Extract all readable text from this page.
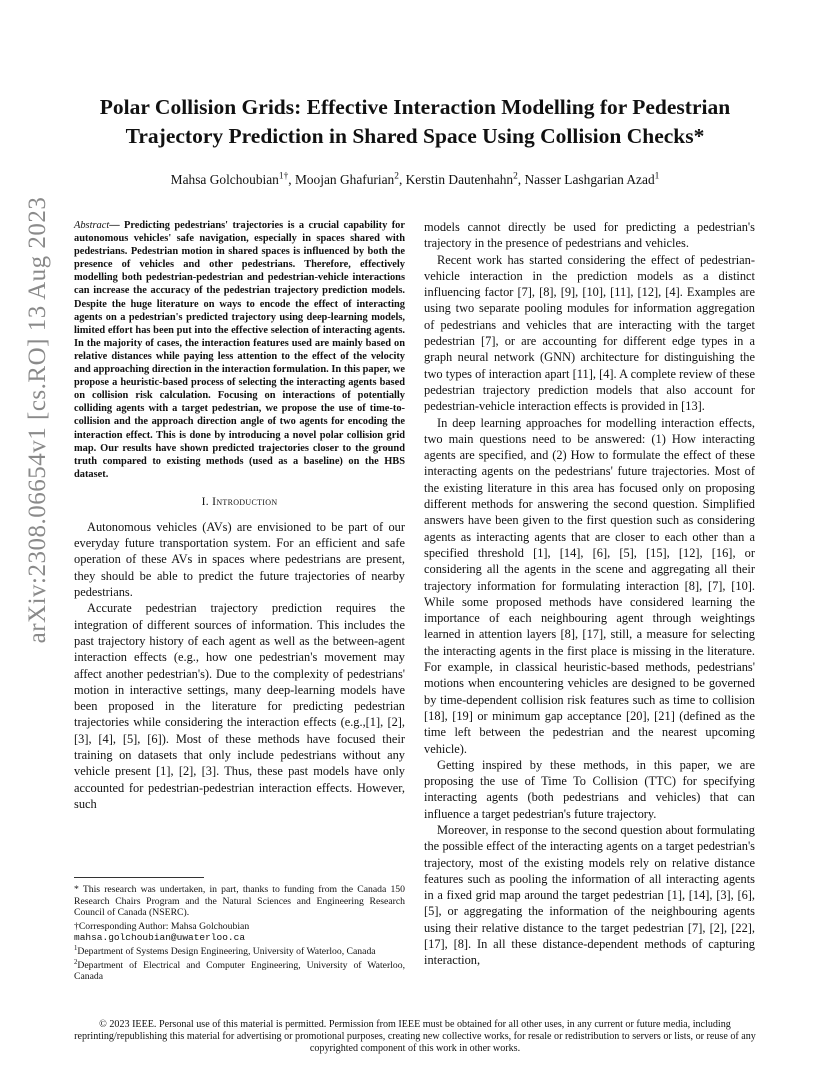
arXiv:2308.06654v1 [cs.RO] 13 Aug 2023
Polar Collision Grids: Effective Interaction Modelling for Pedestrian Trajectory Prediction in Shared Space Using Collision Checks*
Mahsa Golchoubian$^{1\dagger}$, Moojan Ghafurian$^2$, Kerstin Dautenhahn$^2$, Nasser Lashgarian Azad$^1$

Abstract— Predicting pedestrians' trajectories is a crucial capability for autonomous vehicles' safe navigation, especially in spaces shared with pedestrians. Pedestrian motion in shared spaces is influenced by both the presence of vehicles and other pedestrians. Therefore, effectively modelling both pedestrian-pedestrian and pedestrian-vehicle interactions can increase the accuracy of the pedestrian trajectory prediction models. Despite the huge literature on ways to encode the effect of interacting agents on a pedestrian's predicted trajectory using deep-learning models, limited effort has been put into the effective selection of interacting agents. In the majority of cases, the interaction features used are mainly based on relative distances while paying less attention to the effect of the velocity and approaching direction in the interaction formulation. In this paper, we propose a heuristic-based process of selecting the interacting agents based on collision risk calculation. Focusing on interactions of potentially colliding agents with a target pedestrian, we propose the use of time-to-collision and the approach direction angle of two agents for encoding the interaction effect. This is done by introducing a novel polar collision grid map. Our results have shown predicted trajectories closer to the ground truth compared to existing methods (used as a baseline) on the HBS dataset.

I. Introduction

Autonomous vehicles (AVs) are envisioned to be part of our everyday future transportation system. For an efficient and safe operation of these AVs in spaces where pedestrians are present, they should be able to predict the future trajectories of nearby pedestrians.

Accurate pedestrian trajectory prediction requires the integration of different sources of information. This includes the past trajectory history of each agent as well as the between-agent interaction effects (e.g., how one pedestrian's movement may affect another pedestrian's). Due to the complexity of pedestrians' motion in interactive settings, many deep-learning models have been proposed in the literature for predicting pedestrian trajectories while considering the interaction effects (e.g.,[1], [2], [3], [4], [5], [6]). Most of these methods have focused their training on datasets that only include pedestrians without any vehicle present [1], [2], [3]. Thus, these past models have only accounted for pedestrian-pedestrian interaction effects. However, such

models cannot directly be used for predicting a pedestrian's trajectory in the presence of pedestrians and vehicles.

Recent work has started considering the effect of pedestrian-vehicle interaction in the prediction models as a distinct influencing factor [7], [8], [9], [10], [11], [12], [4]. Examples are using two separate pooling modules for information aggregation of pedestrians and vehicles that are interacting with the target pedestrian [7], or are accounting for different edge types in a graph neural network (GNN) architecture for distinguishing the two types of interaction apart [11], [4]. A complete review of these pedestrian trajectory prediction models that also account for pedestrian-vehicle interaction effects is provided in [13].

In deep learning approaches for modelling interaction effects, two main questions need to be answered: (1) How interacting agents are specified, and (2) How to formulate the effect of these interacting agents on the pedestrians' future trajectories. Most of the existing literature in this area has focused only on proposing different methods for answering the second question. Simplified answers have been given to the first question such as considering agents as interacting agents that are closer to each other than a specified threshold [1], [14], [6], [5], [15], [12], [16], or considering all the agents in the scene and aggregating all their trajectory information for formulating interaction [8], [7], [10]. While some proposed methods have considered learning the importance of each neighbouring agent through weightings learned in attention layers [8], [17], still, a measure for selecting the interacting agents in the first place is missing in the literature. For example, in classical heuristic-based methods, pedestrians' motions when encountering vehicles are designed to be governed by time-dependent collision risk features such as time to collision [18], [19] or minimum gap acceptance [20], [21] (defined as the time left between the pedestrian and the nearest upcoming vehicle).

Getting inspired by these methods, in this paper, we are proposing the use of Time To Collision (TTC) for specifying interacting agents (both pedestrians and vehicles) that can influence a target pedestrian's future trajectory.

Moreover, in response to the second question about formulating the possible effect of the interacting agents on a target pedestrian's trajectory, most of the existing models rely on relative distance features such as pooling the information of all interacting agents in a fixed grid map around the target pedestrian [1], [14], [3], [6], [5], or aggregating the information of the neighbouring agents using their relative distance to the target pedestrian [7], [2], [22], [17], [8]. In all these distance-dependent methods of capturing interaction,

* This research was undertaken, in part, thanks to funding from the Canada 150 Research Chairs Program and the Natural Sciences and Engineering Research Council of Canada (NSERC).

†Corresponding Author: Mahsa Golchoubian
mahsa.golchoubian@uwaterloo.ca

$^1$Department of Systems Design Engineering, University of Waterloo, Canada

$^2$Department of Electrical and Computer Engineering, University of Waterloo, Canada

© 2023 IEEE. Personal use of this material is permitted. Permission from IEEE must be obtained for all other uses, in any current or future media, including reprinting/republishing this material for advertising or promotional purposes, creating new collective works, for resale or redistribution to servers or lists, or reuse of any copyrighted component of this work in other works.
